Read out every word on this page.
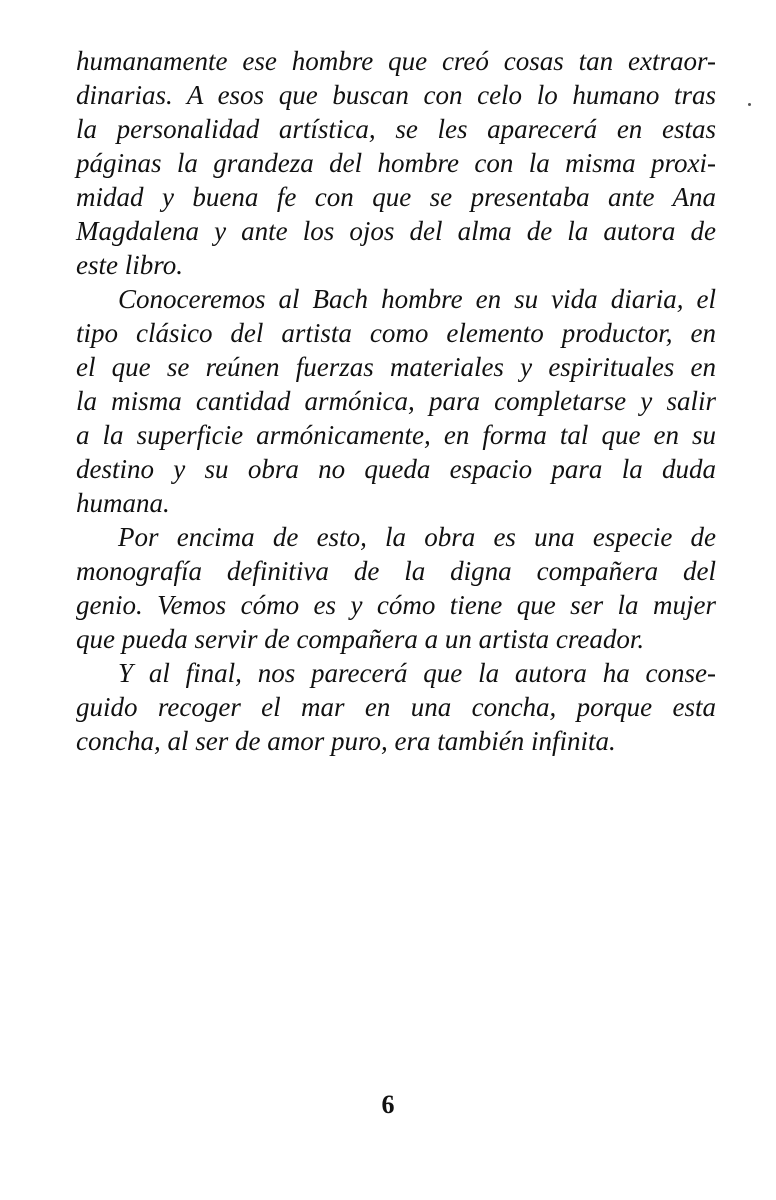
humanamente ese hombre que creó cosas tan extraor-
dinarias. A esos que buscan con celo lo humano tras
la personalidad artística, se les aparecerá en estas
páginas la grandeza del hombre con la misma proxi-
midad y buena fe con que se presentaba ante Ana
Magdalena y ante los ojos del alma de la autora de
este libro.
Conoceremos al Bach hombre en su vida diaria, el
tipo clásico del artista como elemento productor, en
el que se reúnen fuerzas materiales y espirituales en
la misma cantidad armónica, para completarse y salir
a la superficie armónicamente, en forma tal que en su
destino y su obra no queda espacio para la duda
humana.
Por encima de esto, la obra es una especie de
monografía definitiva de la digna compañera del
genio. Vemos cómo es y cómo tiene que ser la mujer
que pueda servir de compañera a un artista creador.
Y al final, nos parecerá que la autora ha conse-
guido recoger el mar en una concha, porque esta
concha, al ser de amor puro, era también infinita.
6
